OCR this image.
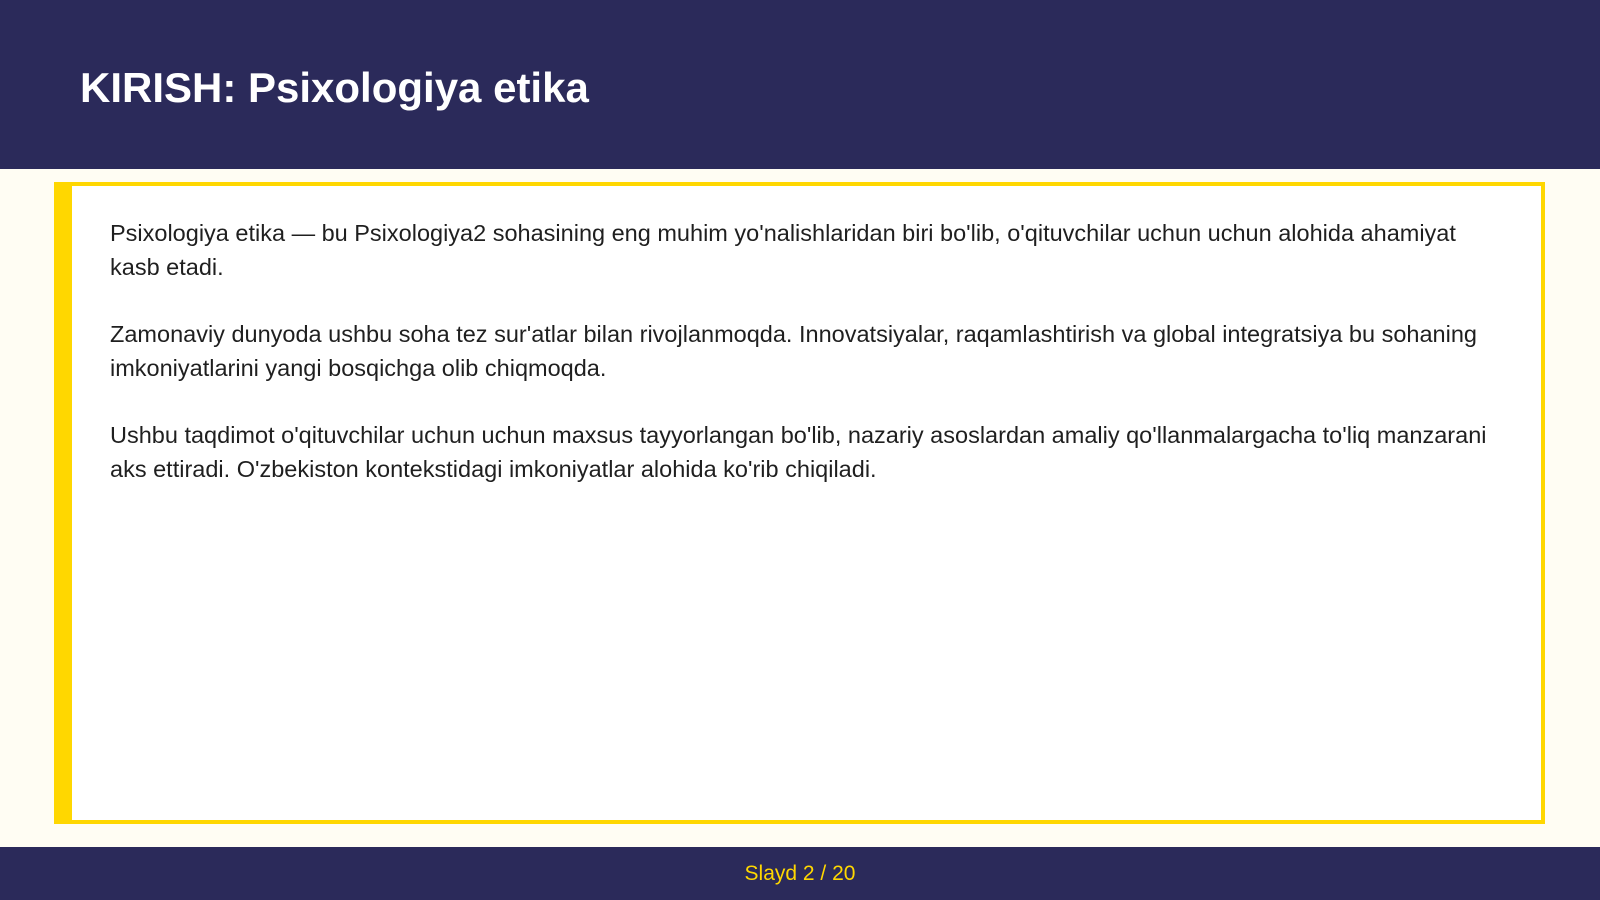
KIRISH: Psixologiya etika

Psixologiya etika — bu Psixologiya2 sohasining eng muhim yo'nalishlaridan biri bo'lib, o'qituvchilar uchun uchun alohida ahamiyat kasb etadi.

Zamonaviy dunyoda ushbu soha tez sur'atlar bilan rivojlanmoqda. Innovatsiyalar, raqamlashtirish va global integratsiya bu sohaning imkoniyatlarini yangi bosqichga olib chiqmoqda.

Ushbu taqdimot o'qituvchilar uchun uchun maxsus tayyorlangan bo'lib, nazariy asoslardan amaliy qo'llanmalargacha to'liq manzarani aks ettiradi. O'zbekiston kontekstidagi imkoniyatlar alohida ko'rib chiqiladi.

Slayd 2 / 20
